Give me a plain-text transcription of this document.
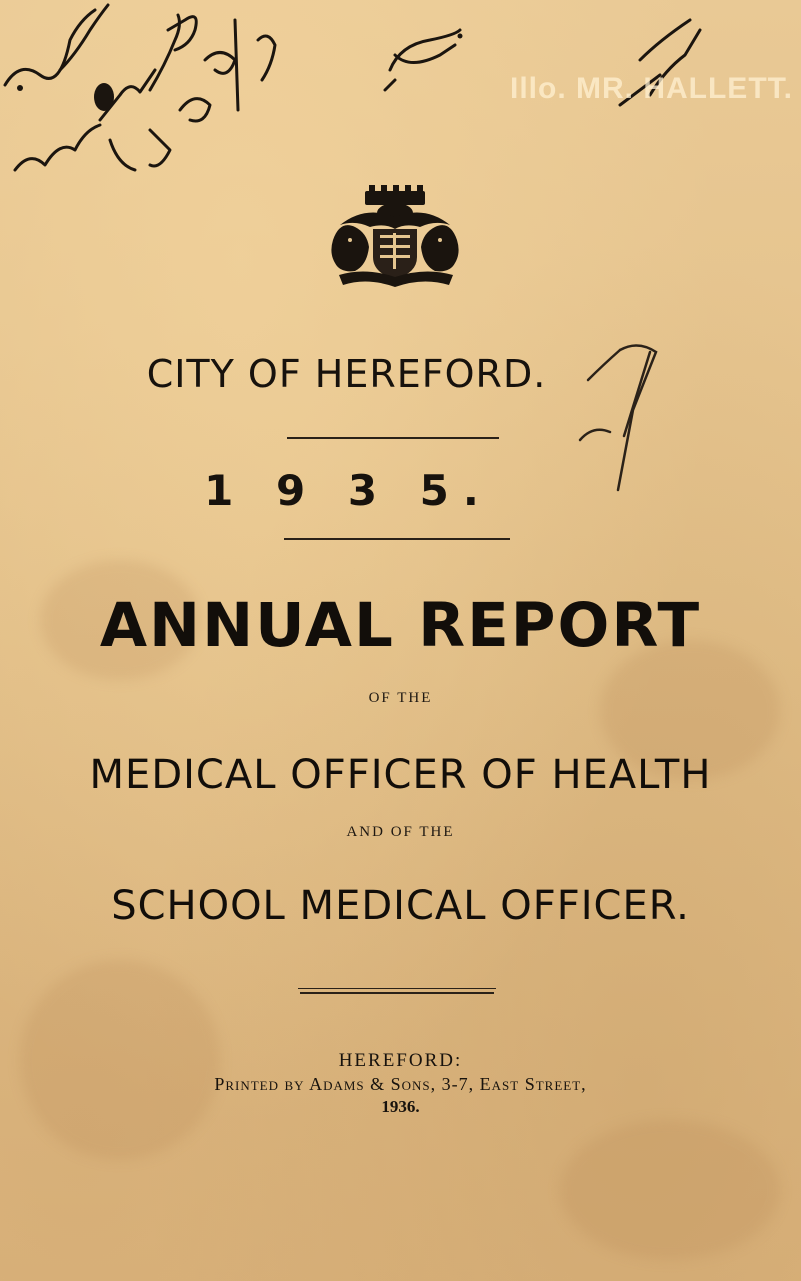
Illo. MR. HALLETT.
CITY OF HEREFORD.
1 9 3 5.
ANNUAL REPORT
OF THE
MEDICAL OFFICER OF HEALTH
AND OF THE
SCHOOL MEDICAL OFFICER.
HEREFORD:
Printed by Adams & Sons, 3-7, East Street,
1936.
